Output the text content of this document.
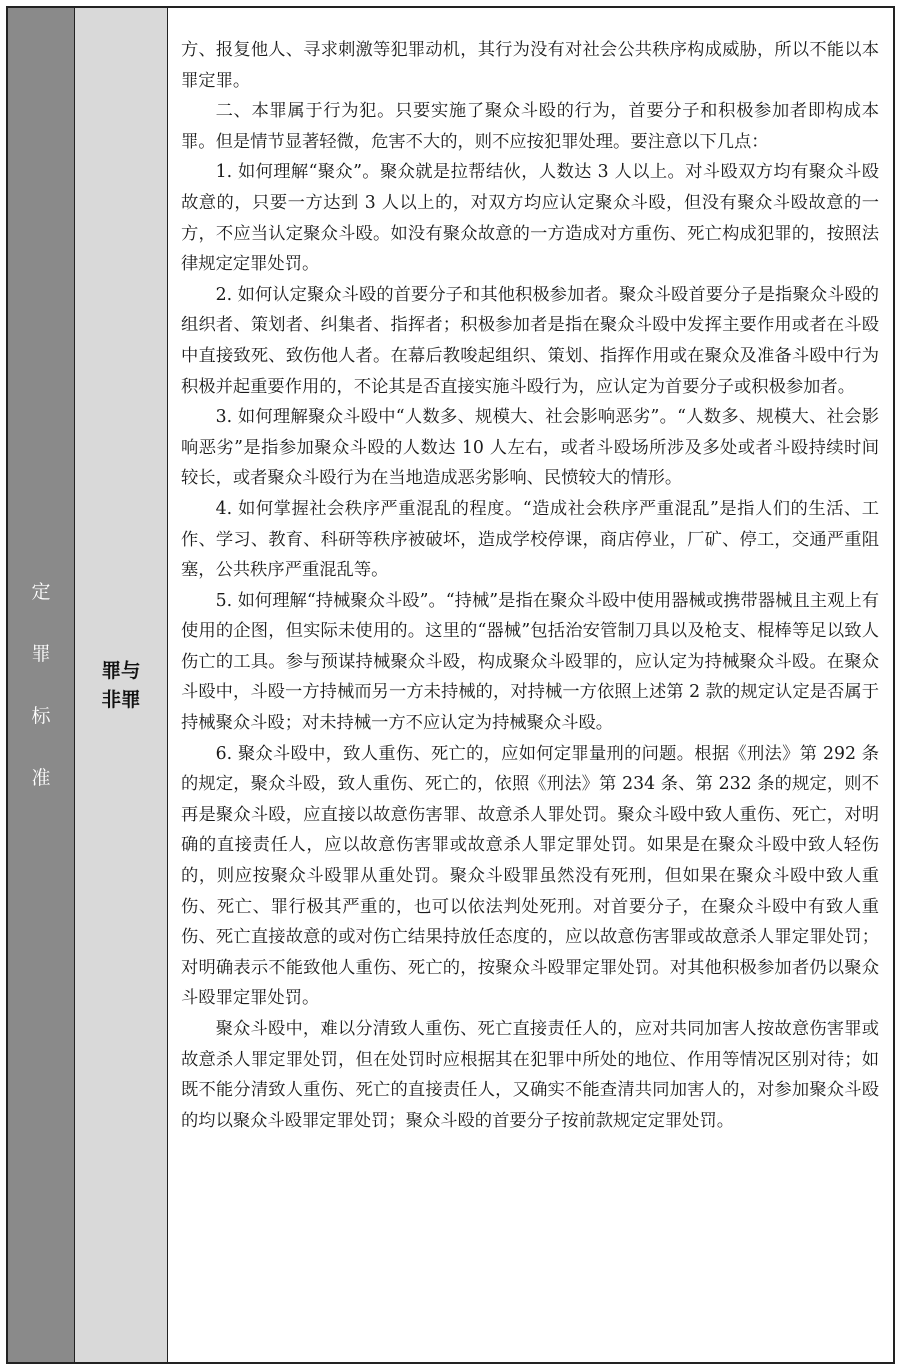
定
罪
标
准
罪与
非罪

方、报复他人、寻求刺激等犯罪动机，其行为没有对社会公共秩序构成威胁，所以不能以本罪定罪。

二、本罪属于行为犯。只要实施了聚众斗殴的行为，首要分子和积极参加者即构成本罪。但是情节显著轻微，危害不大的，则不应按犯罪处理。要注意以下几点：

1. 如何理解“聚众”。聚众就是拉帮结伙，人数达 3 人以上。对斗殴双方均有聚众斗殴故意的，只要一方达到 3 人以上的，对双方均应认定聚众斗殴，但没有聚众斗殴故意的一方，不应当认定聚众斗殴。如没有聚众故意的一方造成对方重伤、死亡构成犯罪的，按照法律规定定罪处罚。

2. 如何认定聚众斗殴的首要分子和其他积极参加者。聚众斗殴首要分子是指聚众斗殴的组织者、策划者、纠集者、指挥者；积极参加者是指在聚众斗殴中发挥主要作用或者在斗殴中直接致死、致伤他人者。在幕后教唆起组织、策划、指挥作用或在聚众及准备斗殴中行为积极并起重要作用的，不论其是否直接实施斗殴行为，应认定为首要分子或积极参加者。

3. 如何理解聚众斗殴中“人数多、规模大、社会影响恶劣”。“人数多、规模大、社会影响恶劣”是指参加聚众斗殴的人数达 10 人左右，或者斗殴场所涉及多处或者斗殴持续时间较长，或者聚众斗殴行为在当地造成恶劣影响、民愤较大的情形。

4. 如何掌握社会秩序严重混乱的程度。“造成社会秩序严重混乱”是指人们的生活、工作、学习、教育、科研等秩序被破坏，造成学校停课，商店停业，厂矿、停工，交通严重阻塞，公共秩序严重混乱等。

5. 如何理解“持械聚众斗殴”。“持械”是指在聚众斗殴中使用器械或携带器械且主观上有使用的企图，但实际未使用的。这里的“器械”包括治安管制刀具以及枪支、棍棒等足以致人伤亡的工具。参与预谋持械聚众斗殴，构成聚众斗殴罪的，应认定为持械聚众斗殴。在聚众斗殴中，斗殴一方持械而另一方未持械的，对持械一方依照上述第 2 款的规定认定是否属于持械聚众斗殴；对未持械一方不应认定为持械聚众斗殴。

6. 聚众斗殴中，致人重伤、死亡的，应如何定罪量刑的问题。根据《刑法》第 292 条的规定，聚众斗殴，致人重伤、死亡的，依照《刑法》第 234 条、第 232 条的规定，则不再是聚众斗殴，应直接以故意伤害罪、故意杀人罪处罚。聚众斗殴中致人重伤、死亡，对明确的直接责任人，应以故意伤害罪或故意杀人罪定罪处罚。如果是在聚众斗殴中致人轻伤的，则应按聚众斗殴罪从重处罚。聚众斗殴罪虽然没有死刑，但如果在聚众斗殴中致人重伤、死亡、罪行极其严重的，也可以依法判处死刑。对首要分子，在聚众斗殴中有致人重伤、死亡直接故意的或对伤亡结果持放任态度的，应以故意伤害罪或故意杀人罪定罪处罚；对明确表示不能致他人重伤、死亡的，按聚众斗殴罪定罪处罚。对其他积极参加者仍以聚众斗殴罪定罪处罚。

聚众斗殴中，难以分清致人重伤、死亡直接责任人的，应对共同加害人按故意伤害罪或故意杀人罪定罪处罚，但在处罚时应根据其在犯罪中所处的地位、作用等情况区别对待；如既不能分清致人重伤、死亡的直接责任人，又确实不能查清共同加害人的，对参加聚众斗殴的均以聚众斗殴罪定罪处罚；聚众斗殴的首要分子按前款规定定罪处罚。
